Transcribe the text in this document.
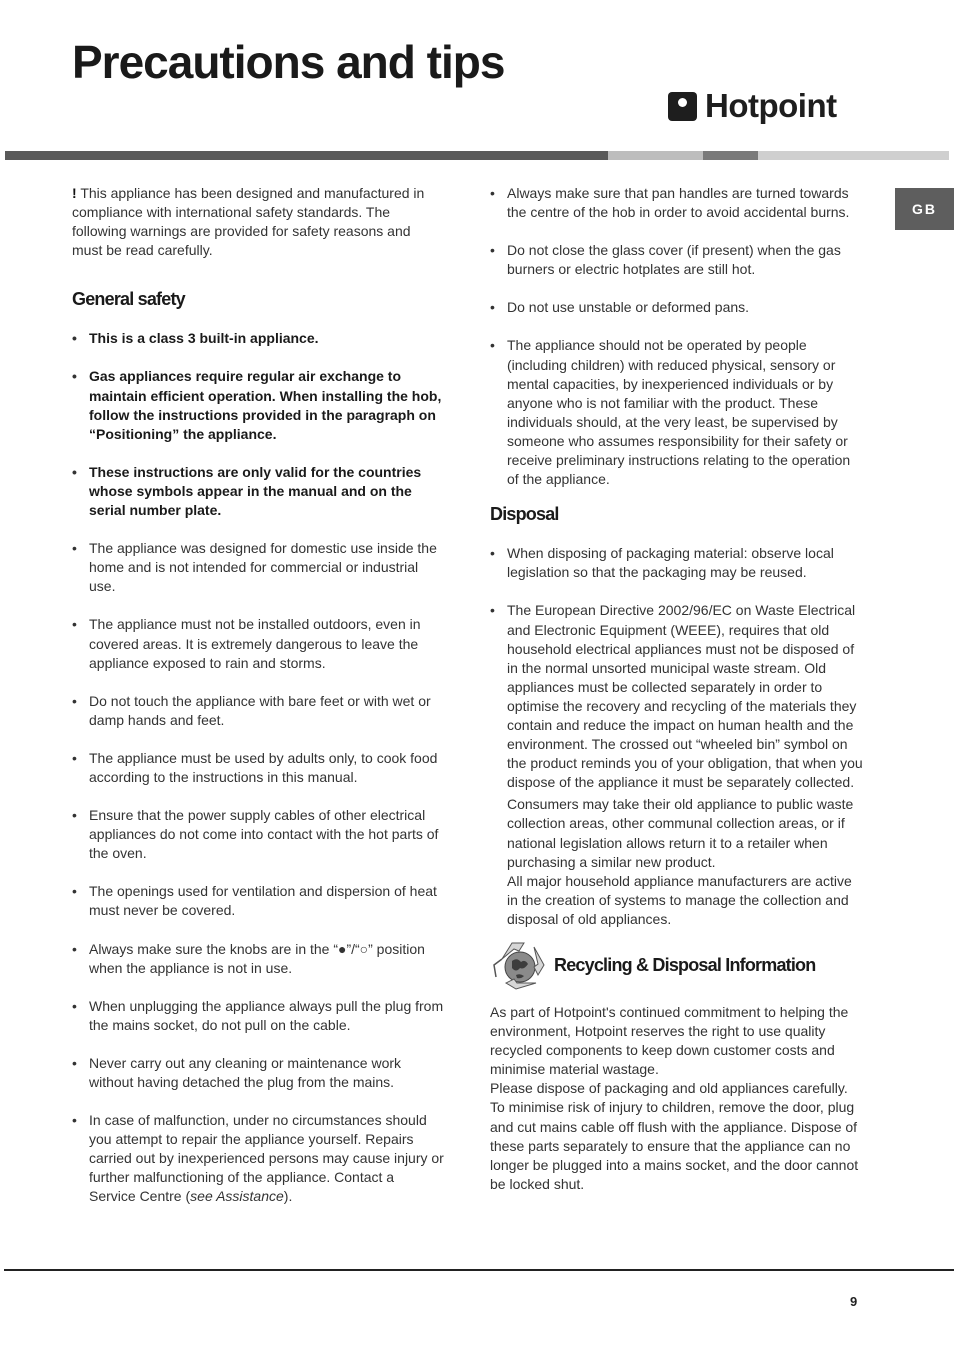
Precautions and tips
Hotpoint
GB

! This appliance has been designed and manufactured in compliance with international safety standards. The following warnings are provided for safety reasons and must be read carefully.

General safety
• This is a class 3 built-in appliance.
• Gas appliances require regular air exchange to maintain efficient operation. When installing the hob, follow the instructions provided in the paragraph on “Positioning” the appliance.
• These instructions are only valid for the countries whose symbols appear in the manual and on the serial number plate.
• The appliance was designed for domestic use inside the home and is not intended for commercial or industrial use.
• The appliance must not be installed outdoors, even in covered areas. It is extremely dangerous to leave the appliance exposed to rain and storms.
• Do not touch the appliance with bare feet or with wet or damp hands and feet.
• The appliance must be used by adults only, to cook food according to the instructions in this manual.
• Ensure that the power supply cables of other electrical appliances do not come into contact with the hot parts of the oven.
• The openings used for ventilation and dispersion of heat must never be covered.
• Always make sure the knobs are in the “●”/“○” position when the appliance is not in use.
• When unplugging the appliance always pull the plug from the mains socket, do not pull on the cable.
• Never carry out any cleaning or maintenance work without having detached the plug from the mains.
• In case of malfunction, under no circumstances should you attempt to repair the appliance yourself. Repairs carried out by inexperienced persons may cause injury or further malfunctioning of the appliance. Contact a Service Centre (see Assistance).
• Always make sure that pan handles are turned towards the centre of the hob in order to avoid accidental burns.
• Do not close the glass cover (if present) when the gas burners or electric hotplates are still hot.
• Do not use unstable or deformed pans.
• The appliance should not be operated by people (including children) with reduced physical, sensory or mental capacities, by inexperienced individuals or by anyone who is not familiar with the product. These individuals should, at the very least, be supervised by someone who assumes responsibility for their safety or receive preliminary instructions relating to the operation of the appliance.
Disposal
• When disposing of packaging material: observe local legislation so that the packaging may be reused.
• The European Directive 2002/96/EC on Waste Electrical and Electronic Equipment (WEEE), requires that old household electrical appliances must not be disposed of in the normal unsorted municipal waste stream. Old appliances must be collected separately in order to optimise the recovery and recycling of the materials they contain and reduce the impact on human health and the environment. The crossed out “wheeled bin” symbol on the product reminds you of your obligation, that when you dispose of the appliance it must be separately collected.
Consumers may take their old appliance to public waste collection areas, other communal collection areas, or if national legislation allows return it to a retailer when purchasing a similar new product.
All major household appliance manufacturers are active in the creation of systems to manage the collection and disposal of old appliances.
Recycling & Disposal Information

As part of Hotpoint's continued commitment to helping the environment, Hotpoint reserves the right to use quality recycled components to keep down customer costs and minimise material wastage.

Please dispose of packaging and old appliances carefully.

To minimise risk of injury to children, remove the door, plug and cut mains cable off flush with the appliance. Dispose of these parts separately to ensure that the appliance can no longer be plugged into a mains socket, and the door cannot be locked shut.

9
